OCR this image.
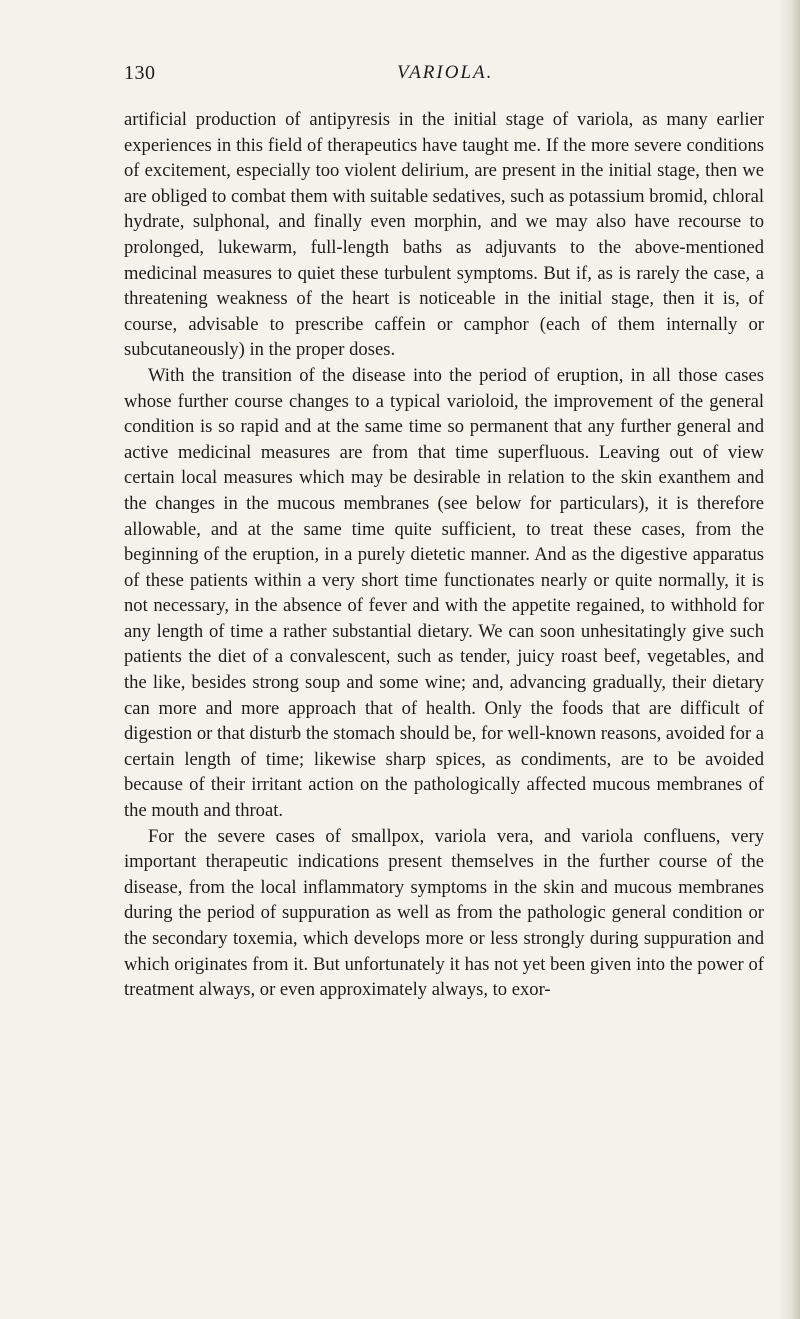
130	VARIOLA.

artificial production of antipyresis in the initial stage of variola, as many earlier experiences in this field of therapeutics have taught me. If the more severe conditions of excitement, especially too violent delirium, are present in the initial stage, then we are obliged to combat them with suitable sedatives, such as potassium bromid, chloral hydrate, sulphonal, and finally even morphin, and we may also have recourse to prolonged, lukewarm, full-length baths as adjuvants to the above-mentioned medicinal measures to quiet these turbulent symptoms. But if, as is rarely the case, a threatening weakness of the heart is noticeable in the initial stage, then it is, of course, advisable to prescribe caffein or camphor (each of them internally or subcutaneously) in the proper doses.

With the transition of the disease into the period of eruption, in all those cases whose further course changes to a typical varioloid, the improvement of the general condition is so rapid and at the same time so permanent that any further general and active medicinal measures are from that time superfluous. Leaving out of view certain local measures which may be desirable in relation to the skin exanthem and the changes in the mucous membranes (see below for particulars), it is therefore allowable, and at the same time quite sufficient, to treat these cases, from the beginning of the eruption, in a purely dietetic manner. And as the digestive apparatus of these patients within a very short time functionates nearly or quite normally, it is not necessary, in the absence of fever and with the appetite regained, to withhold for any length of time a rather substantial dietary. We can soon unhesitatingly give such patients the diet of a convalescent, such as tender, juicy roast beef, vegetables, and the like, besides strong soup and some wine; and, advancing gradually, their dietary can more and more approach that of health. Only the foods that are difficult of digestion or that disturb the stomach should be, for well-known reasons, avoided for a certain length of time; likewise sharp spices, as condiments, are to be avoided because of their irritant action on the pathologically affected mucous membranes of the mouth and throat.

For the severe cases of smallpox, variola vera, and variola confluens, very important therapeutic indications present themselves in the further course of the disease, from the local inflammatory symptoms in the skin and mucous membranes during the period of suppuration as well as from the pathologic general condition or the secondary toxemia, which develops more or less strongly during suppuration and which originates from it. But unfortunately it has not yet been given into the power of treatment always, or even approximately always, to exor-
